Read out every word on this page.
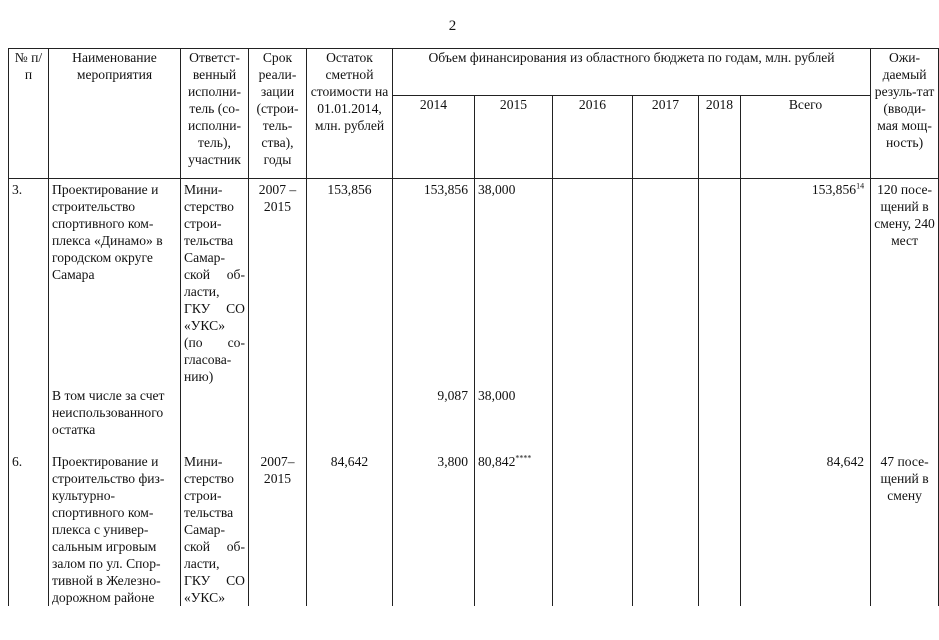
2
№ п/п	Наименование мероприятия	Ответст-венный исполни-тель (со-исполни-тель), участник	Срок реали-зации (строи-тель-ства), годы	Остаток сметной стоимости на 01.01.2014, млн. рублей	Объем финансирования из областного бюджета по годам, млн. рублей						Ожи-даемый резуль-тат (вводи-мая мощ-ность)
					2014	2015	2016	2017	2018	Всего	
3.	Проектирование и строительство спортивного ком-плекса «Динамо» в городском округе Самара	Мини-стерство строи-тельства Самар-ской об-ласти, ГКУ СО «УКС» (по со-гласова-нию)	2007 – 2015	153,856	153,856	38,000				153,856$^{14}$	120 посе-щений в смену, 240 мест
	В том числе за счет неиспользованного остатка				9,087	38,000					
6.	Проектирование и строительство физ-культурно-спортивного ком-плекса с универ-сальным игровым залом по ул. Спор-тивной в Железно-дорожном районе	Мини-стерство строи-тельства Самар-ской об-ласти, ГКУ СО «УКС»	2007– 2015	84,642	3,800	80,842****				84,642	47 посе-щений в смену
